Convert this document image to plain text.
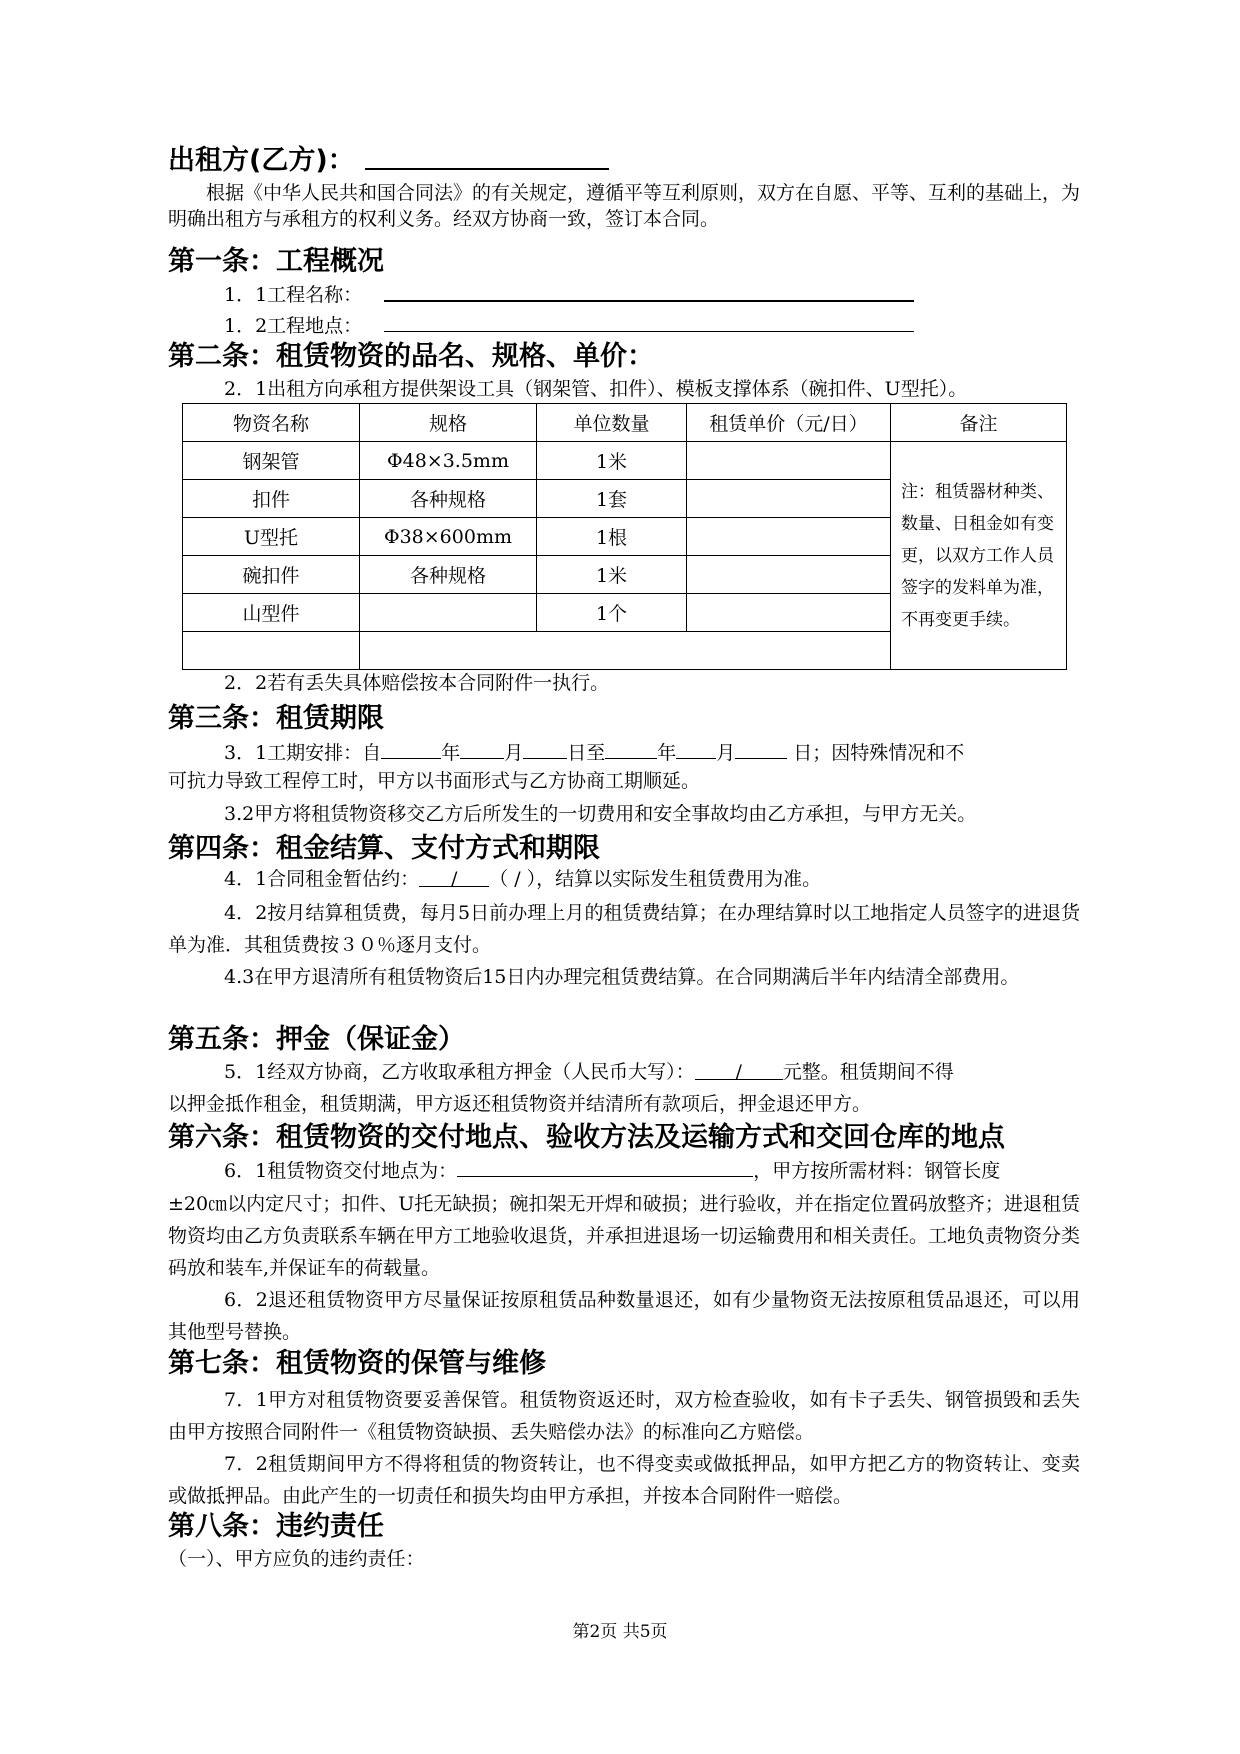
出租方(乙方)：
根据《中华人民共和国合同法》的有关规定，遵循平等互利原则，双方在自愿、平等、互利的基础上，为明确出租方与承租方的权利义务。经双方协商一致，签订本合同。
第一条：工程概况
1．1工程名称：
1．2工程地点：
第二条：租赁物资的品名、规格、单价：
2．1出租方向承租方提供架设工具（钢架管、扣件）、模板支撑体系（碗扣件、U型托）。
物资名称	规格	单位数量	租赁单价（元/日）	备注
钢架管	Φ48×3.5mm	1米		注：租赁器材种类、数量、日租金如有变更，以双方工作人员签字的发料单为准，不再变更手续。
扣件	各种规格	1套		
U型托	Φ38×600mm	1根		
碗扣件	各种规格	1米		
山型件		1个		

2．2若有丢失具体赔偿按本合同附件一执行。
第三条：租赁期限
3．1工期安排：自	年 月 日至	年 月	日；因特殊情况和不
可抗力导致工程停工时，甲方以书面形式与乙方协商工期顺延。
3.2甲方将租赁物资移交乙方后所发生的一切费用和安全事故均由乙方承担，与甲方无关。
第四条：租金结算、支付方式和期限
4．1合同租金暂估约： / （ / ），结算以实际发生租赁费用为准。
4．2按月结算租赁费，每月5日前办理上月的租赁费结算；在办理结算时以工地指定人员签字的进退货单为准．其租赁费按３０％逐月支付。
4.3在甲方退清所有租赁物资后15日内办理完租赁费结算。在合同期满后半年内结清全部费用。
第五条：押金（保证金）
5．1经双方协商，乙方收取承租方押金（人民币大写）： / 元整。租赁期间不得
以押金抵作租金，租赁期满，甲方返还租赁物资并结清所有款项后，押金退还甲方。
第六条：租赁物资的交付地点、验收方法及运输方式和交回仓库的地点
6．1租赁物资交付地点为：	，甲方按所需材料：钢管长度
±20㎝以内定尺寸；扣件、U托无缺损；碗扣架无开焊和破损；进行验收，并在指定位置码放整齐；进退租赁物资均由乙方负责联系车辆在甲方工地验收退货，并承担进退场一切运输费用和相关责任。工地负责物资分类码放和装车,并保证车的荷载量。
6．2退还租赁物资甲方尽量保证按原租赁品种数量退还，如有少量物资无法按原租赁品退还，可以用其他型号替换。
第七条：租赁物资的保管与维修
7．1甲方对租赁物资要妥善保管。租赁物资返还时，双方检查验收，如有卡子丢失、钢管损毁和丢失由甲方按照合同附件一《租赁物资缺损、丢失赔偿办法》的标准向乙方赔偿。
7．2租赁期间甲方不得将租赁的物资转让，也不得变卖或做抵押品，如甲方把乙方的物资转让、变卖或做抵押品。由此产生的一切责任和损失均由甲方承担，并按本合同附件一赔偿。
第八条：违约责任
（一）、甲方应负的违约责任：
第2页 共5页
